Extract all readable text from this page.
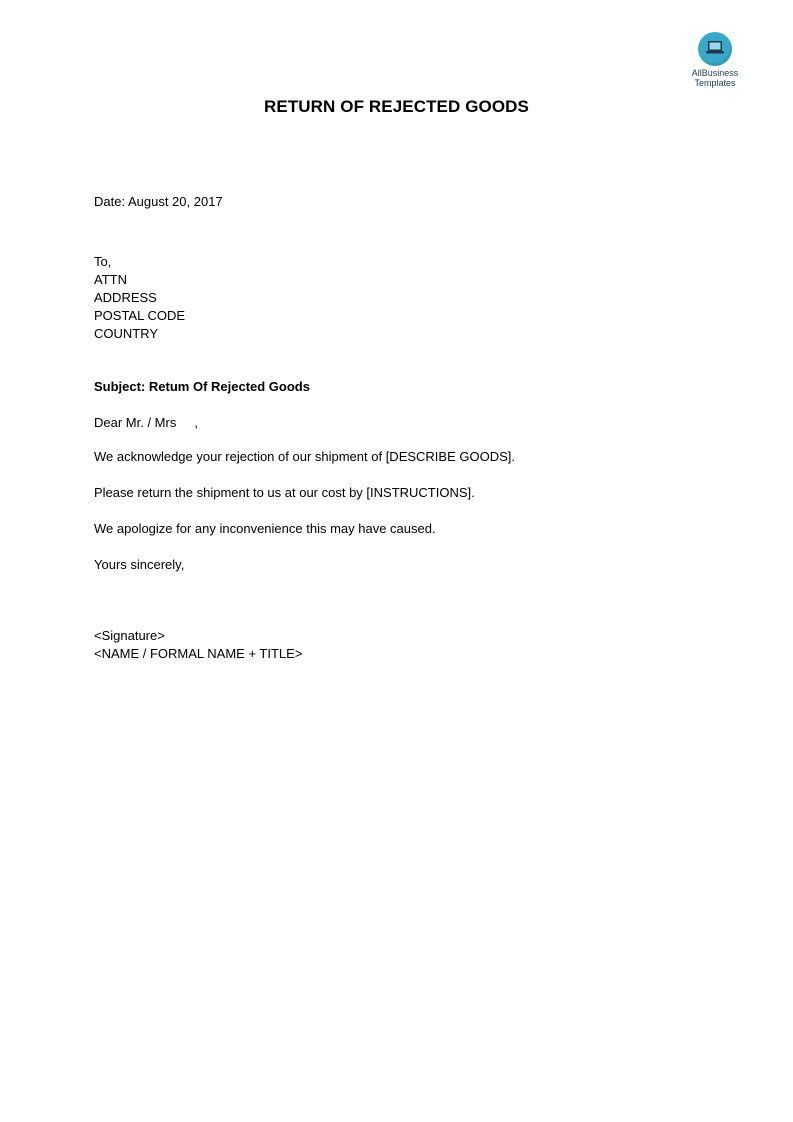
AllBusiness
Templates
RETURN OF REJECTED GOODS
Date: August 20, 2017
To,
ATTN
ADDRESS
POSTAL CODE
COUNTRY
Subject: Retum Of Rejected Goods
Dear Mr. / Mrs     ,
We acknowledge your rejection of our shipment of [DESCRIBE GOODS].
Please return the shipment to us at our cost by [INSTRUCTIONS].
We apologize for any inconvenience this may have caused.
Yours sincerely,
<Signature>
<NAME / FORMAL NAME + TITLE>
